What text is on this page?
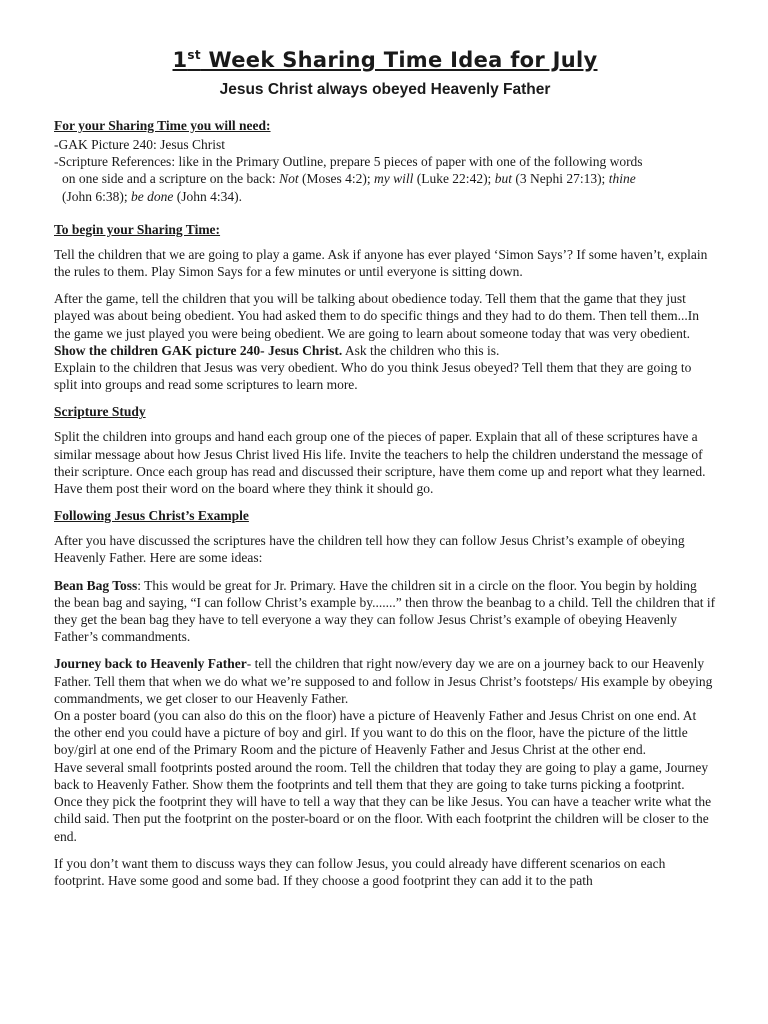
1st Week Sharing Time Idea for July
Jesus Christ always obeyed Heavenly Father
For your Sharing Time you will need:

-GAK Picture 240: Jesus Christ

-Scripture References: like in the Primary Outline, prepare 5 pieces of paper with one of the following words

on one side and a scripture on the back: Not (Moses 4:2); my will (Luke 22:42); but (3 Nephi 27:13); thine

(John 6:38); be done (John 4:34).

To begin your Sharing Time:

Tell the children that we are going to play a game. Ask if anyone has ever played ‘Simon Says’? If some haven’t, explain the rules to them. Play Simon Says for a few minutes or until everyone is sitting down.

After the game, tell the children that you will be talking about obedience today. Tell them that the game that they just played was about being obedient. You had asked them to do specific things and they had to do them. Then tell them...In the game we just played you were being obedient. We are going to learn about someone today that was very obedient.

Show the children GAK picture 240- Jesus Christ. Ask the children who this is.

Explain to the children that Jesus was very obedient. Who do you think Jesus obeyed? Tell them that they are going to split into groups and read some scriptures to learn more.

Scripture Study

Split the children into groups and hand each group one of the pieces of paper. Explain that all of these scriptures have a similar message about how Jesus Christ lived His life. Invite the teachers to help the children understand the message of their scripture. Once each group has read and discussed their scripture, have them come up and report what they learned. Have them post their word on the board where they think it should go.

Following Jesus Christ’s Example

After you have discussed the scriptures have the children tell how they can follow Jesus Christ’s example of obeying Heavenly Father. Here are some ideas:

Bean Bag Toss: This would be great for Jr. Primary. Have the children sit in a circle on the floor. You begin by holding the bean bag and saying, “I can follow Christ’s example by.......” then throw the beanbag to a child. Tell the children that if they get the bean bag they have to tell everyone a way they can follow Jesus Christ’s example of obeying Heavenly Father’s commandments.

Journey back to Heavenly Father- tell the children that right now/every day we are on a journey back to our Heavenly Father. Tell them that when we do what we’re supposed to and follow in Jesus Christ’s footsteps/ His example by obeying commandments, we get closer to our Heavenly Father.

On a poster board (you can also do this on the floor) have a picture of Heavenly Father and Jesus Christ on one end. At the other end you could have a picture of boy and girl. If you want to do this on the floor, have the picture of the little boy/girl at one end of the Primary Room and the picture of Heavenly Father and Jesus Christ at the other end.

Have several small footprints posted around the room. Tell the children that today they are going to play a game, Journey back to Heavenly Father. Show them the footprints and tell them that they are going to take turns picking a footprint. Once they pick the footprint they will have to tell a way that they can be like Jesus. You can have a teacher write what the child said. Then put the footprint on the poster-board or on the floor. With each footprint the children will be closer to the end.

If you don’t want them to discuss ways they can follow Jesus, you could already have different scenarios on each footprint. Have some good and some bad. If they choose a good footprint they can add it to the path
